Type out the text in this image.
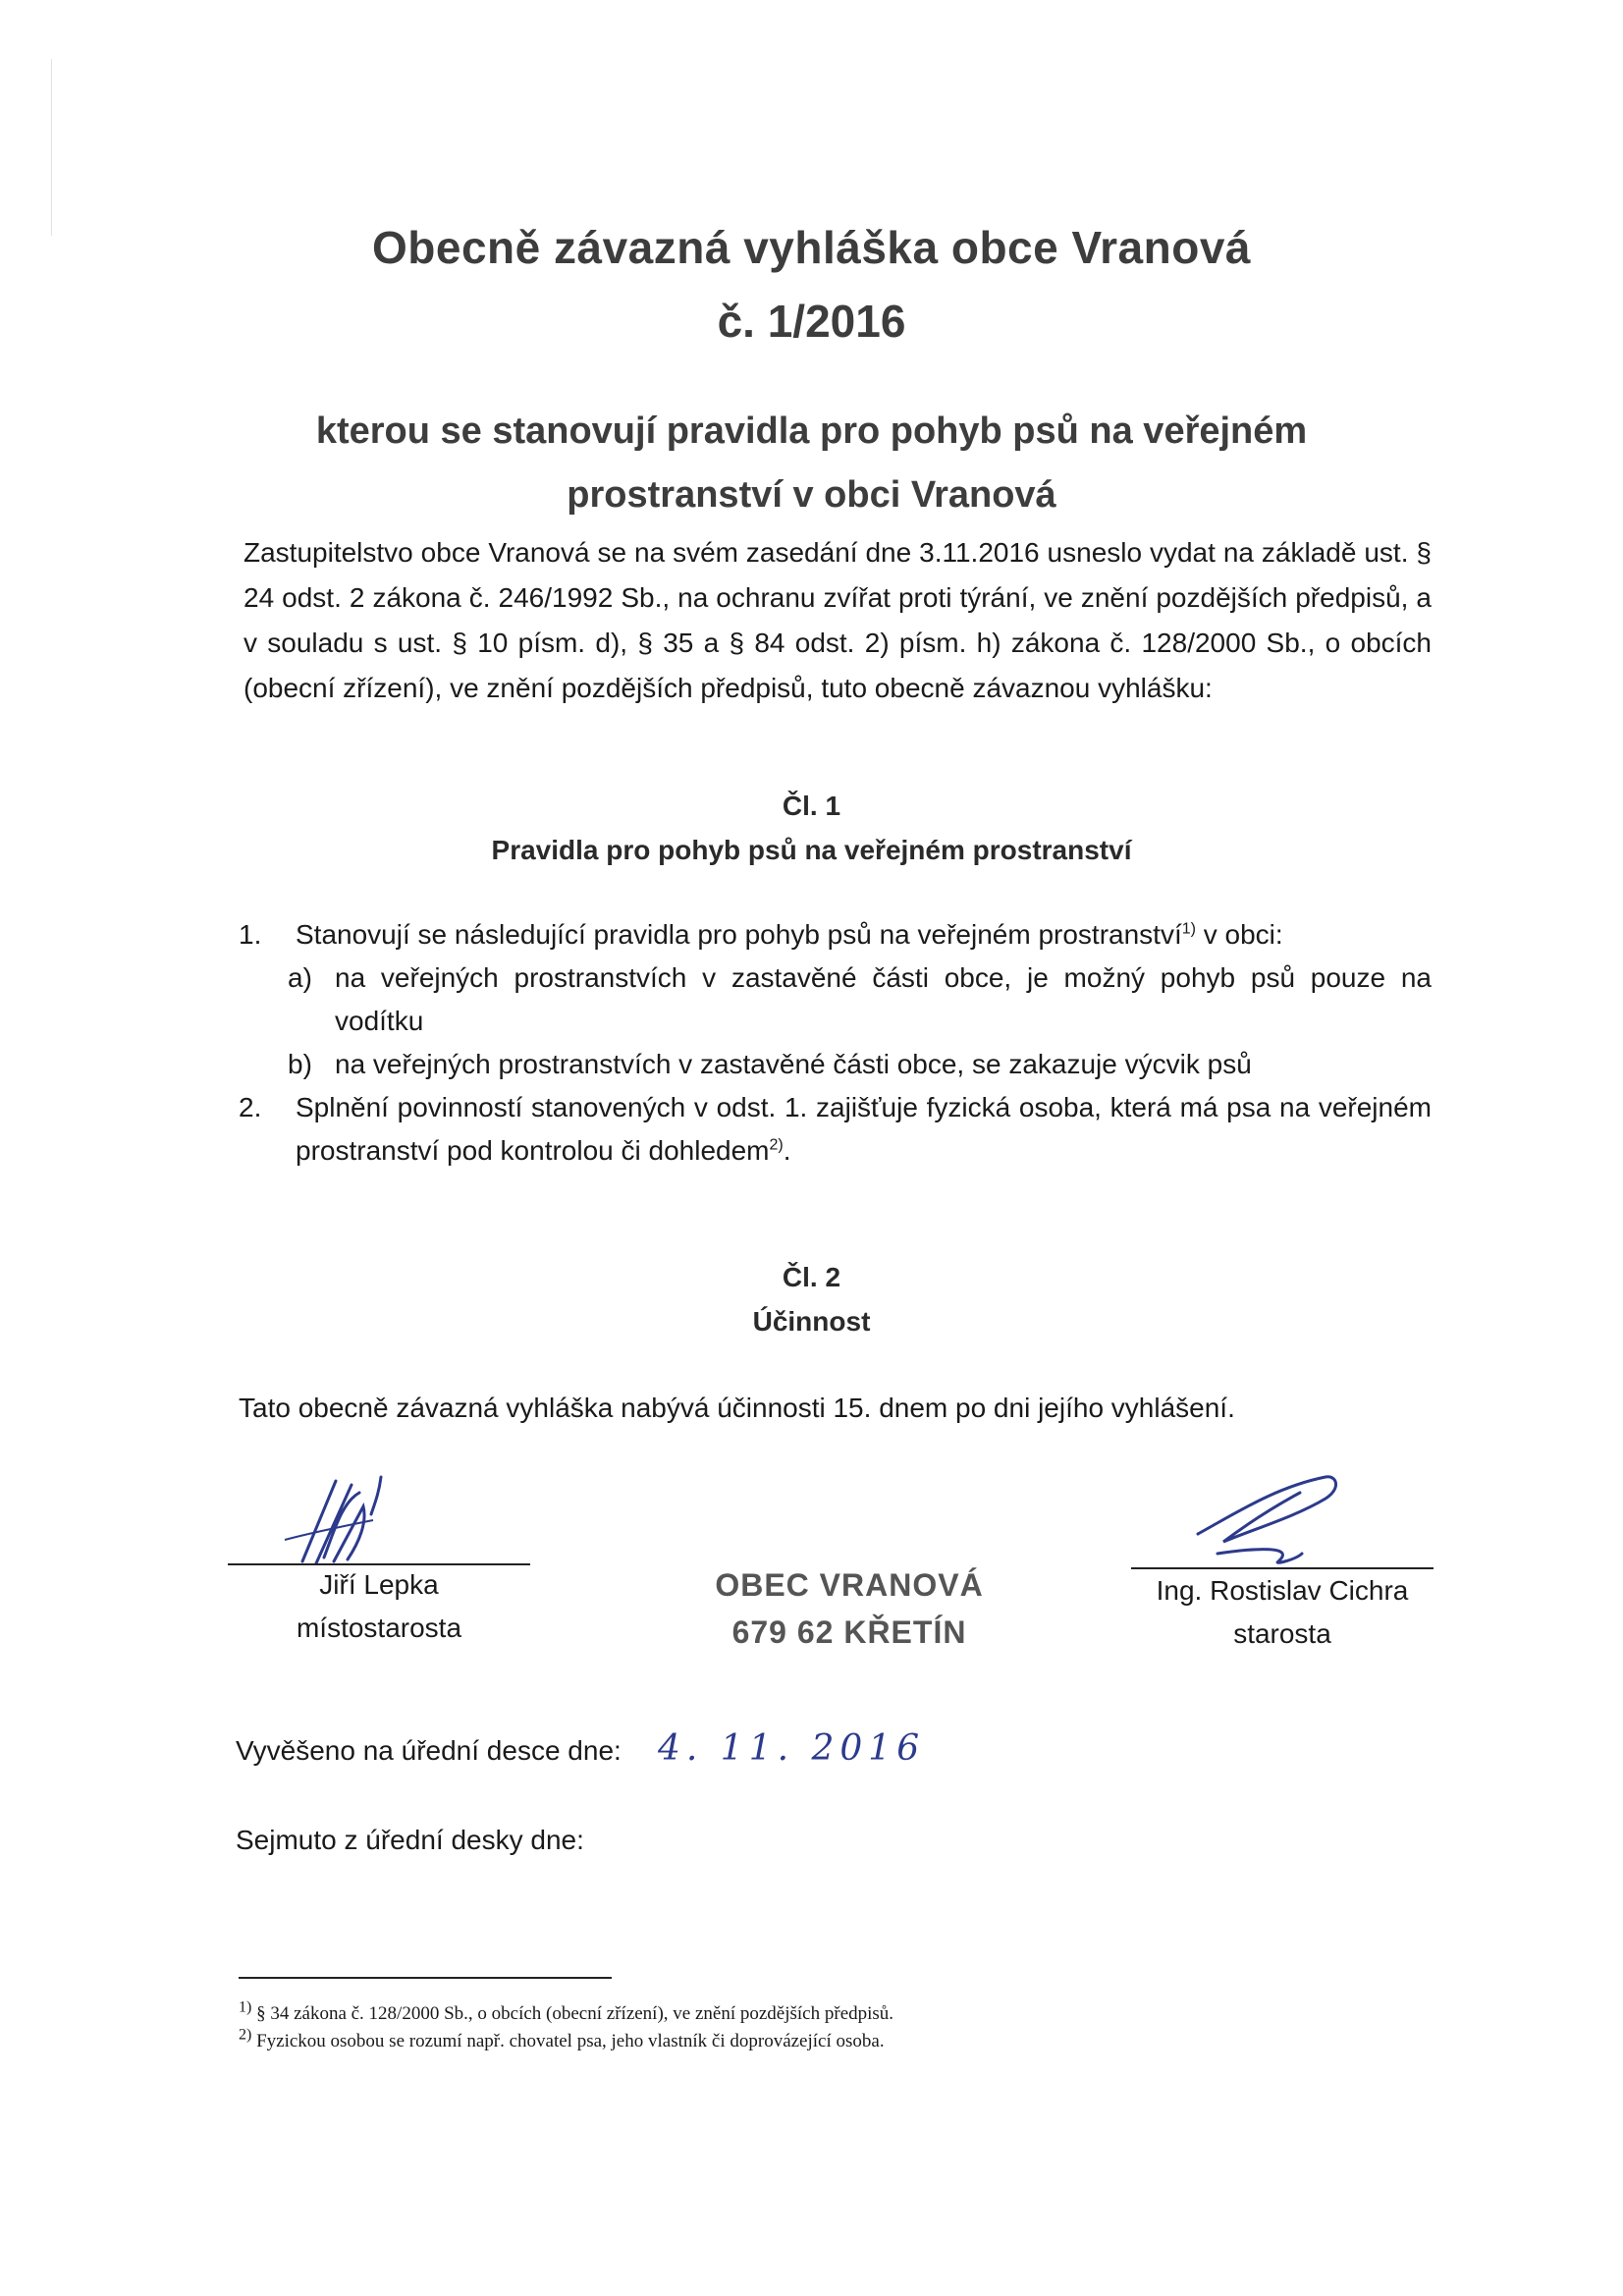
Obecně závazná vyhláška obce Vranová
č. 1/2016
kterou se stanovují pravidla pro pohyb psů na veřejném
prostranství v obci Vranová
Zastupitelstvo obce Vranová se na svém zasedání dne 3.11.2016 usneslo vydat na základě ust. § 24 odst. 2 zákona č. 246/1992 Sb., na ochranu zvířat proti týrání, ve znění pozdějších předpisů, a v souladu s ust. § 10 písm. d), § 35 a § 84 odst. 2) písm. h) zákona č. 128/2000 Sb., o obcích (obecní zřízení), ve znění pozdějších předpisů, tuto obecně závaznou vyhlášku:
Čl. 1
Pravidla pro pohyb psů na veřejném prostranství
1. Stanovují se následující pravidla pro pohyb psů na veřejném prostranství$^{1)}$ v obci:
a) na veřejných prostranstvích v zastavěné části obce, je možný pohyb psů pouze na vodítku
b) na veřejných prostranstvích v zastavěné části obce, se zakazuje výcvik psů
2. Splnění povinností stanovených v odst. 1. zajišťuje fyzická osoba, která má psa na veřejném prostranství pod kontrolou či dohledem$^{2)}$.
Čl. 2
Účinnost
Tato obecně závazná vyhláška nabývá účinnosti 15. dnem po dni jejího vyhlášení.
Jiří Lepka
místostarosta
OBEC VRANOVÁ
679 62 KŘETÍN
Ing. Rostislav Cichra
starosta
Vyvěšeno na úřední desce dne: 4. 11. 2016
Sejmuto z úřední desky dne:
$^{1)}$ § 34 zákona č. 128/2000 Sb., o obcích (obecní zřízení), ve znění pozdějších předpisů.
$^{2)}$ Fyzickou osobou se rozumí např. chovatel psa, jeho vlastník či doprovázející osoba.
